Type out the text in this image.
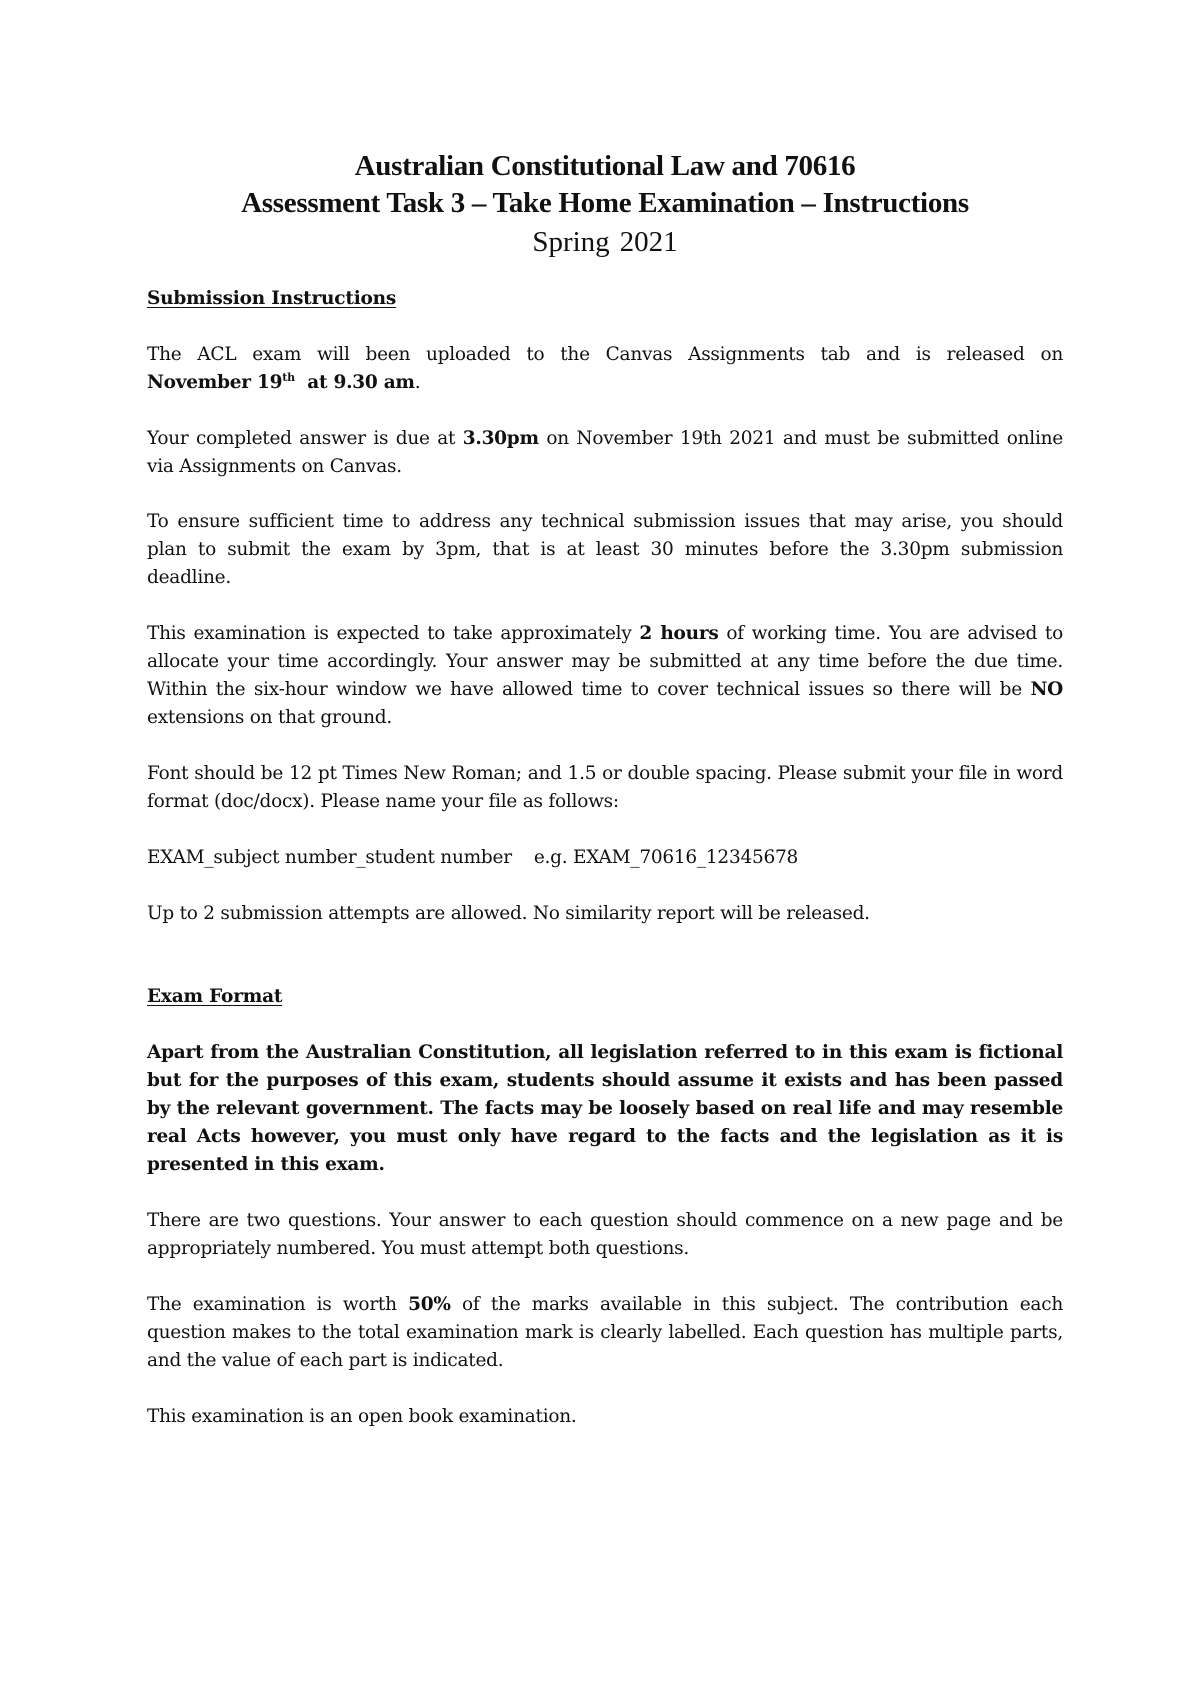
Australian Constitutional Law and 70616
Assessment Task 3 – Take Home Examination – Instructions
Spring 2021
Submission Instructions
The ACL exam will been uploaded to the Canvas Assignments tab and is released on November 19th at 9.30 am.
Your completed answer is due at 3.30pm on November 19th 2021 and must be submitted online via Assignments on Canvas.
To ensure sufficient time to address any technical submission issues that may arise, you should plan to submit the exam by 3pm, that is at least 30 minutes before the 3.30pm submission deadline.
This examination is expected to take approximately 2 hours of working time. You are advised to allocate your time accordingly. Your answer may be submitted at any time before the due time. Within the six-hour window we have allowed time to cover technical issues so there will be NO extensions on that ground.
Font should be 12 pt Times New Roman; and 1.5 or double spacing. Please submit your file in word format (doc/docx). Please name your file as follows:
EXAM_subject number_student number e.g. EXAM_70616_12345678
Up to 2 submission attempts are allowed. No similarity report will be released.
Exam Format
Apart from the Australian Constitution, all legislation referred to in this exam is fictional but for the purposes of this exam, students should assume it exists and has been passed by the relevant government. The facts may be loosely based on real life and may resemble real Acts however, you must only have regard to the facts and the legislation as it is presented in this exam.
There are two questions. Your answer to each question should commence on a new page and be appropriately numbered. You must attempt both questions.
The examination is worth 50% of the marks available in this subject. The contribution each question makes to the total examination mark is clearly labelled. Each question has multiple parts, and the value of each part is indicated.
This examination is an open book examination.
